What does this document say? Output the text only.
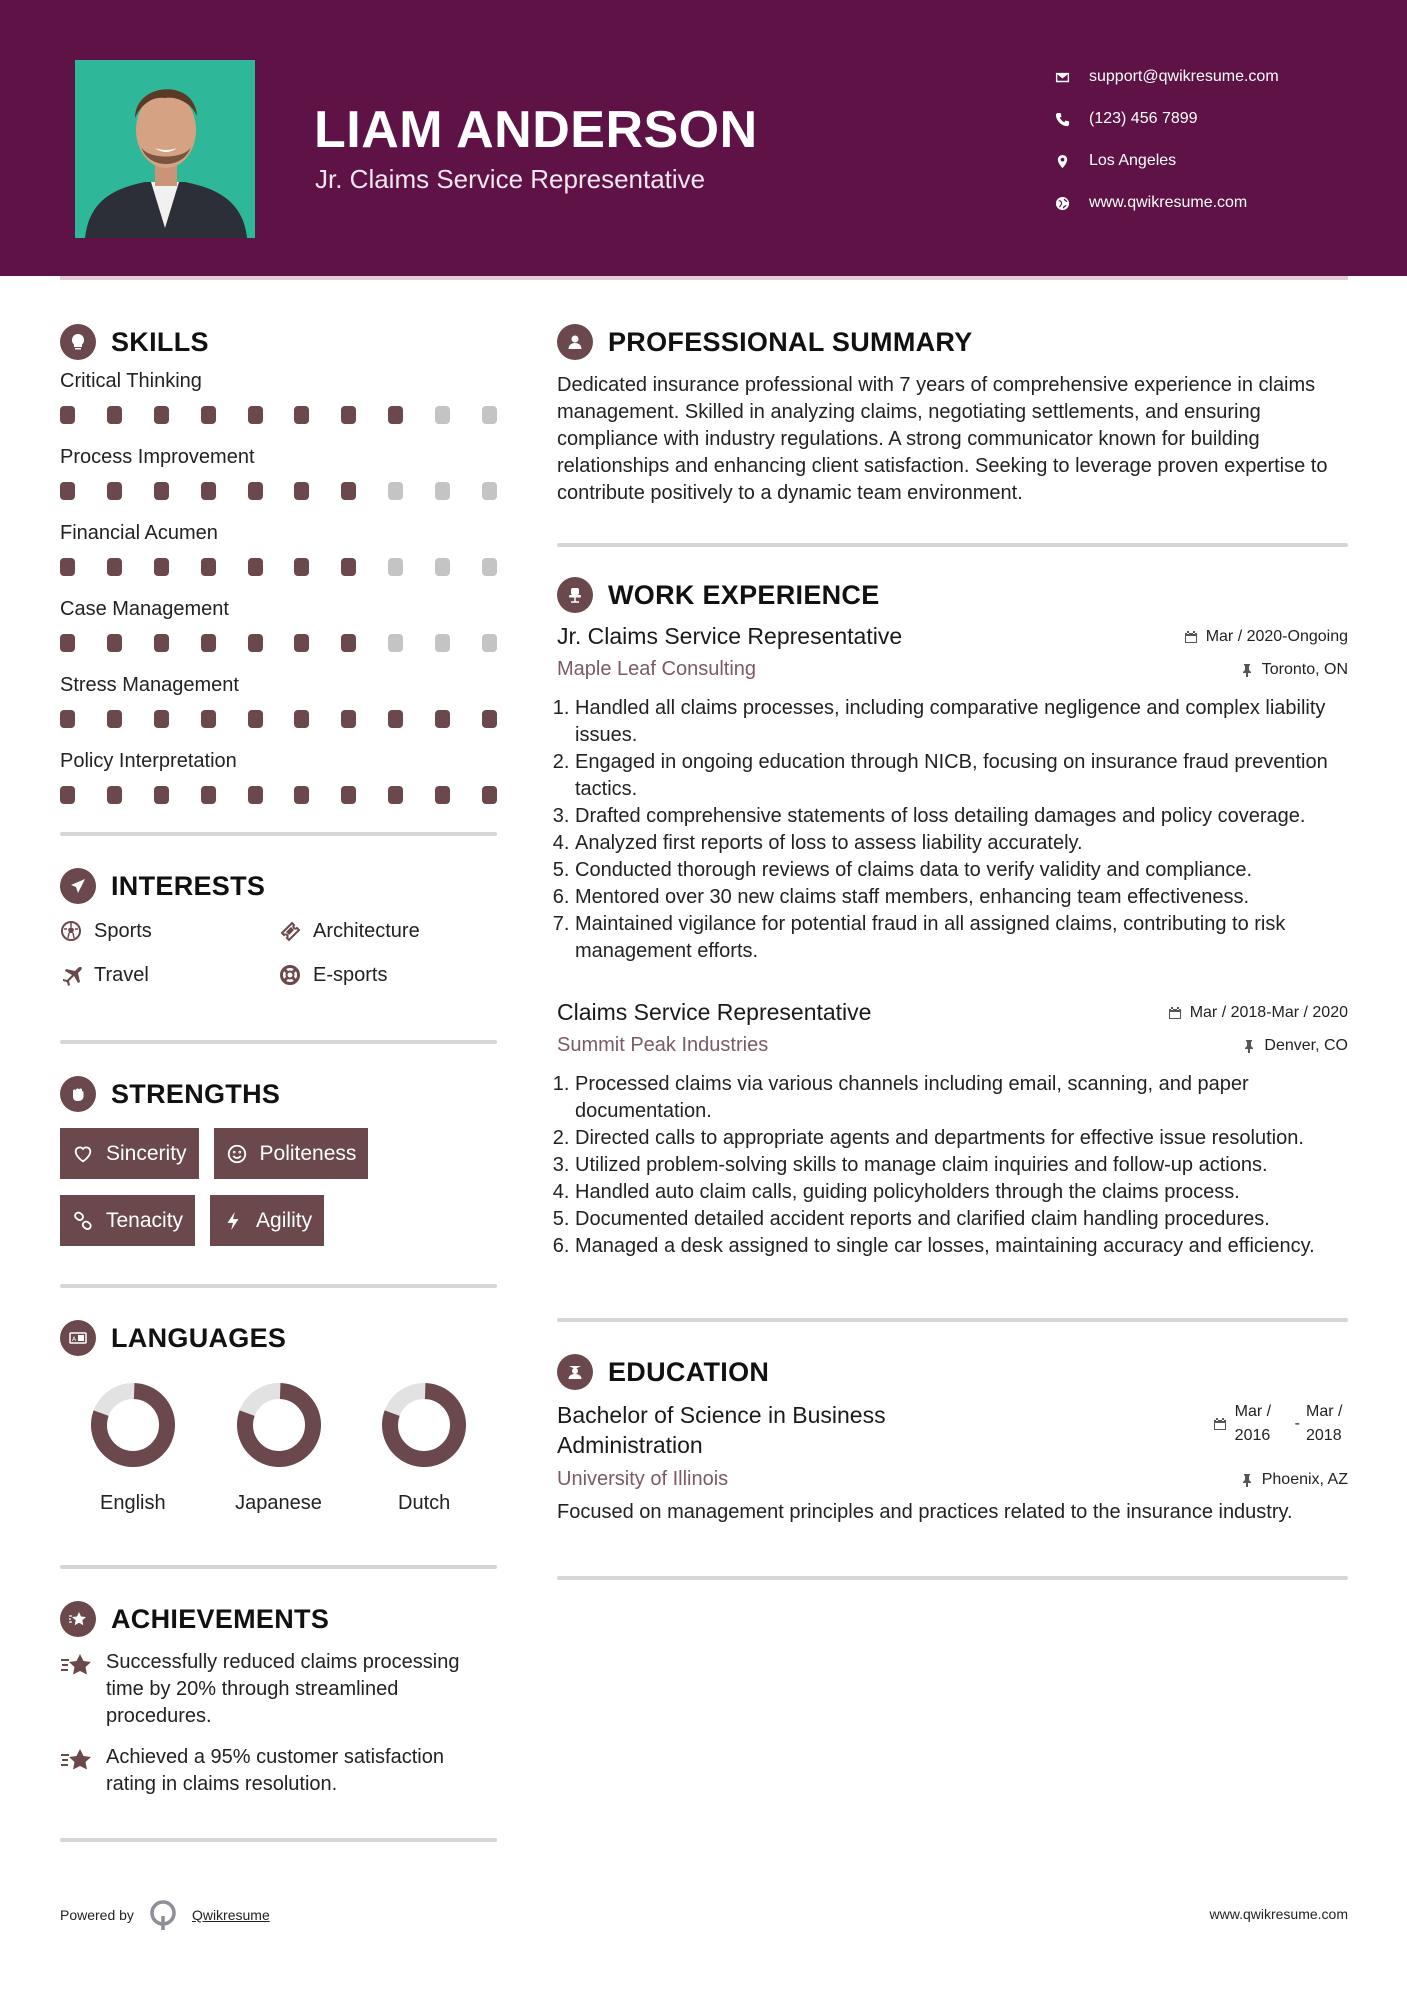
LIAM ANDERSON
Jr. Claims Service Representative
support@qwikresume.com
(123) 456 7899
Los Angeles
www.qwikresume.com
SKILLS
Critical Thinking
Process Improvement
Financial Acumen
Case Management
Stress Management
Policy Interpretation
INTERESTS
Sports	Architecture
Travel	E-sports
STRENGTHS
Sincerity	Politeness
Tenacity	Agility
A LANGUAGES
English	Japanese	Dutch
ACHIEVEMENTS
Successfully reduced claims processing time by 20% through streamlined procedures.
Achieved a 95% customer satisfaction rating in claims resolution.
PROFESSIONAL SUMMARY

Dedicated insurance professional with 7 years of comprehensive experience in claims management. Skilled in analyzing claims, negotiating settlements, and ensuring compliance with industry regulations. A strong communicator known for building relationships and enhancing client satisfaction. Seeking to leverage proven expertise to contribute positively to a dynamic team environment.

WORK EXPERIENCE
Jr. Claims Service Representative	Mar / 2020-Ongoing
Maple Leaf Consulting	Toronto, ON
1. Handled all claims processes, including comparative negligence and complex liability issues.
2. Engaged in ongoing education through NICB, focusing on insurance fraud prevention tactics.
3. Drafted comprehensive statements of loss detailing damages and policy coverage.
4. Analyzed first reports of loss to assess liability accurately.
5. Conducted thorough reviews of claims data to verify validity and compliance.
6. Mentored over 30 new claims staff members, enhancing team effectiveness.
7. Maintained vigilance for potential fraud in all assigned claims, contributing to risk management efforts.
Claims Service Representative	Mar / 2018-Mar / 2020
Summit Peak Industries	Denver, CO
1. Processed claims via various channels including email, scanning, and paper documentation.
2. Directed calls to appropriate agents and departments for effective issue resolution.
3. Utilized problem-solving skills to manage claim inquiries and follow-up actions.
4. Handled auto claim calls, guiding policyholders through the claims process.
5. Documented detailed accident reports and clarified claim handling procedures.
6. Managed a desk assigned to single car losses, maintaining accuracy and efficiency.
EDUCATION
Bachelor of Science in Business Administration
Mar / 2016
-
Mar / 2018
University of Illinois	Phoenix, AZ

Focused on management principles and practices related to the insurance industry.

Powered by	Qwikresume	www.qwikresume.com
